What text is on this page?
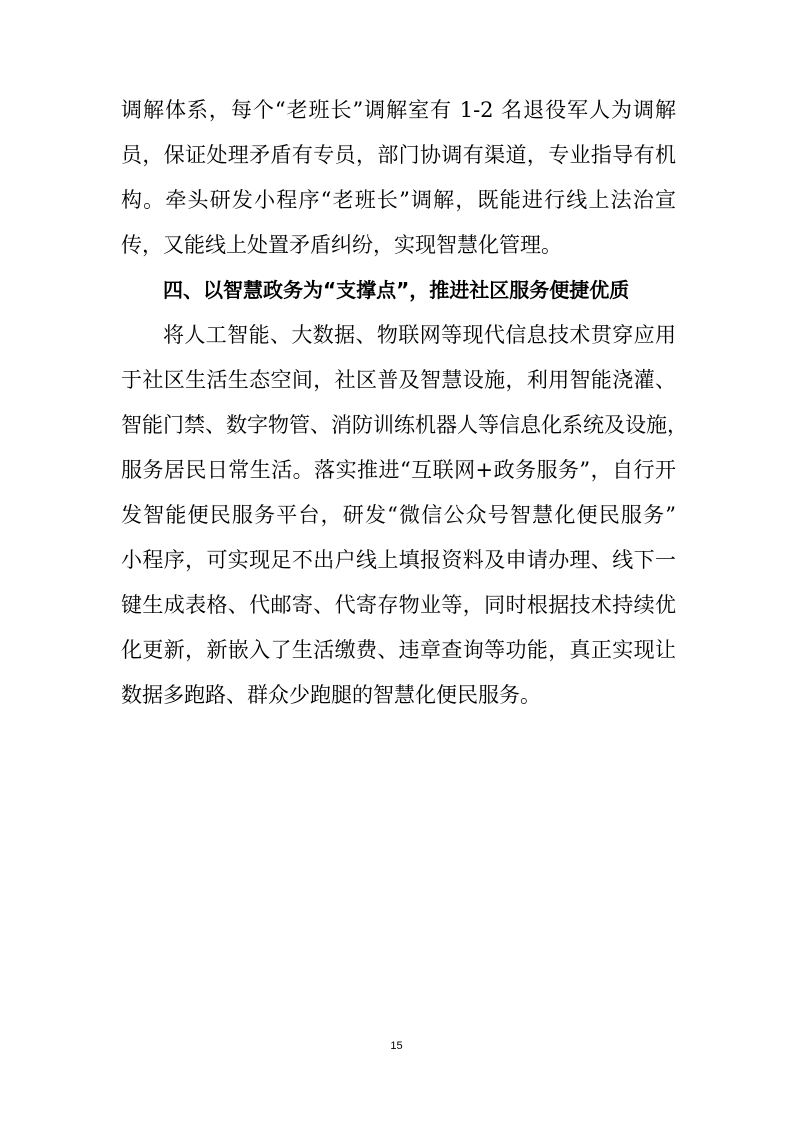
调解体系，每个“老班长”调解室有 1-2 名退役军人为调解
员，保证处理矛盾有专员，部门协调有渠道，专业指导有机
构。牵头研发小程序“老班长”调解，既能进行线上法治宣
传，又能线上处置矛盾纠纷，实现智慧化管理。
四、以智慧政务为“支撑点”，推进社区服务便捷优质
将人工智能、大数据、物联网等现代信息技术贯穿应用
于社区生活生态空间，社区普及智慧设施，利用智能浇灌、
智能门禁、数字物管、消防训练机器人等信息化系统及设施，
服务居民日常生活。落实推进“互联网+政务服务”，自行开
发智能便民服务平台，研发“微信公众号智慧化便民服务”
小程序，可实现足不出户线上填报资料及申请办理、线下一
键生成表格、代邮寄、代寄存物业等，同时根据技术持续优
化更新，新嵌入了生活缴费、违章查询等功能，真正实现让
数据多跑路、群众少跑腿的智慧化便民服务。
15
